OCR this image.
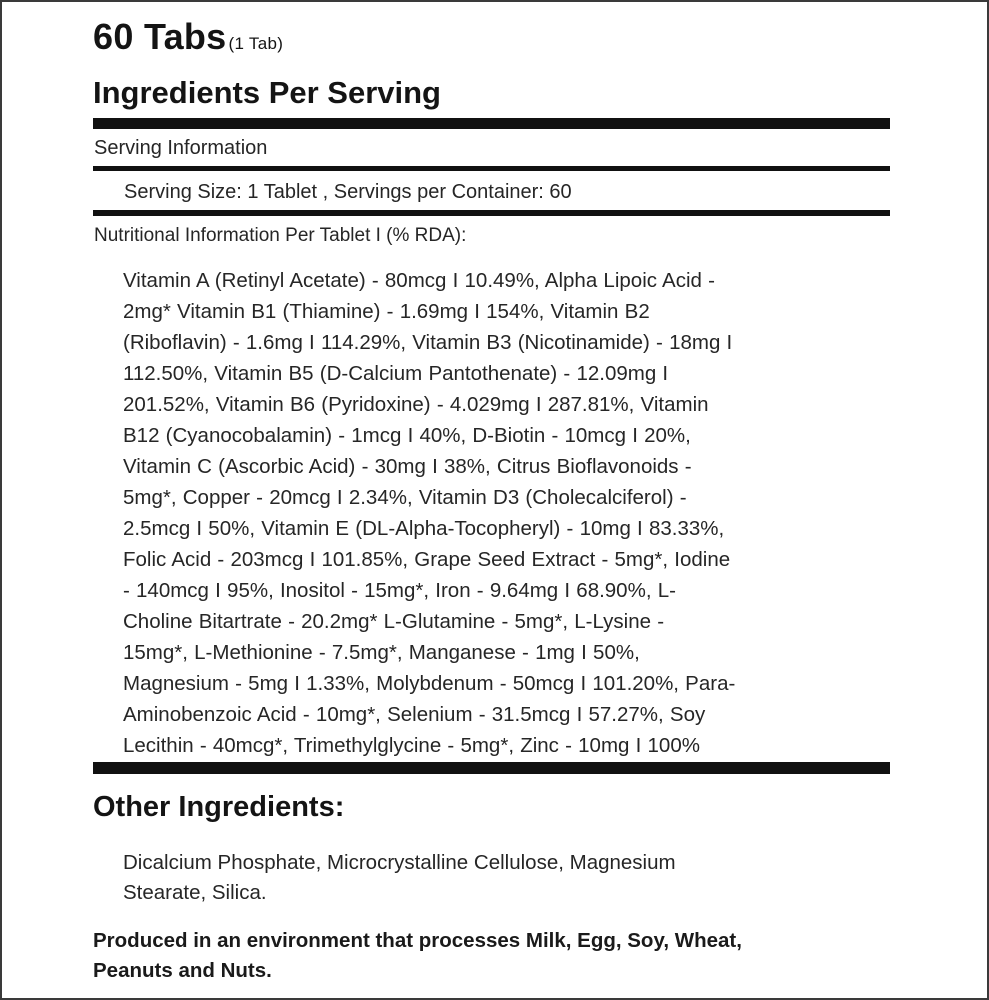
60 Tabs (1 Tab)
Ingredients Per Serving
Serving Information
Serving Size: 1 Tablet , Servings per Container: 60
Nutritional Information Per Tablet I (% RDA):
Vitamin A (Retinyl Acetate) - 80mcg I 10.49%, Alpha Lipoic Acid -
2mg* Vitamin B1 (Thiamine) - 1.69mg I 154%, Vitamin B2
(Riboflavin) - 1.6mg I 114.29%, Vitamin B3 (Nicotinamide) - 18mg I
112.50%, Vitamin B5 (D-Calcium Pantothenate) - 12.09mg I
201.52%, Vitamin B6 (Pyridoxine) - 4.029mg I 287.81%, Vitamin
B12 (Cyanocobalamin) - 1mcg I 40%, D-Biotin - 10mcg I 20%,
Vitamin C (Ascorbic Acid) - 30mg I 38%, Citrus Bioflavonoids -
5mg*, Copper - 20mcg I 2.34%, Vitamin D3 (Cholecalciferol) -
2.5mcg I 50%, Vitamin E (DL-Alpha-Tocopheryl) - 10mg I 83.33%,
Folic Acid - 203mcg I 101.85%, Grape Seed Extract - 5mg*, Iodine
- 140mcg I 95%, Inositol - 15mg*, Iron - 9.64mg I 68.90%, L-
Choline Bitartrate - 20.2mg* L-Glutamine - 5mg*, L-Lysine -
15mg*, L-Methionine - 7.5mg*, Manganese - 1mg I 50%,
Magnesium - 5mg I 1.33%, Molybdenum - 50mcg I 101.20%, Para-
Aminobenzoic Acid - 10mg*, Selenium - 31.5mcg I 57.27%, Soy
Lecithin - 40mcg*, Trimethylglycine - 5mg*, Zinc - 10mg I 100%
Other Ingredients:
Dicalcium Phosphate, Microcrystalline Cellulose, Magnesium
Stearate, Silica.
Produced in an environment that processes Milk, Egg, Soy, Wheat,
Peanuts and Nuts.
